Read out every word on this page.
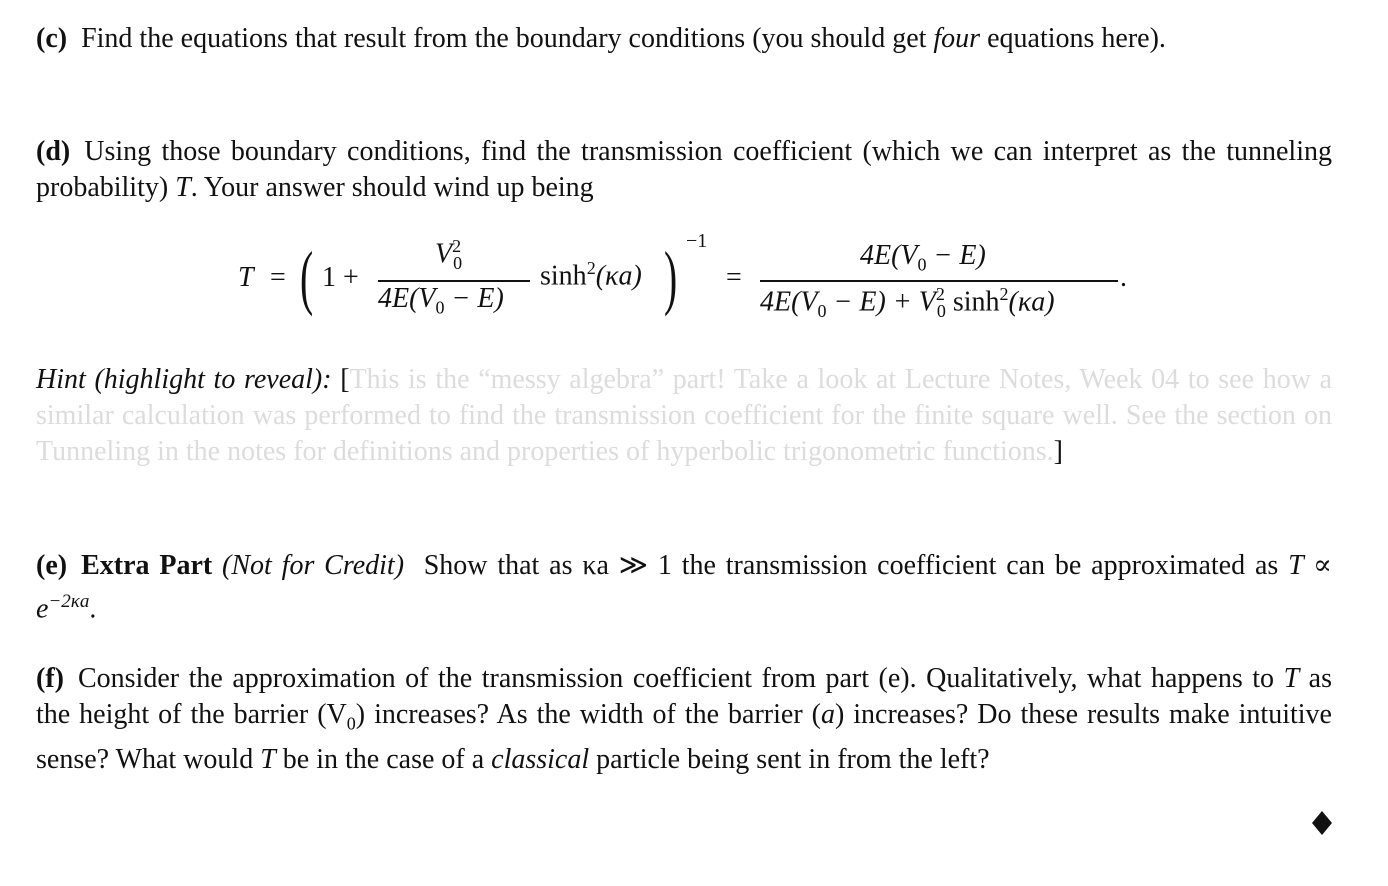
(c) Find the equations that result from the boundary conditions (you should get four equations here).

(d) Using those boundary conditions, find the transmission coefficient (which we can interpret as the tunneling probability) T. Your answer should wind up being

T = ( 1 +
$V^2_0$
$4E(V_0 - E)$
$\sinh^2(\kappa a)$ ) −1
=
$4E(V_0 - E)$
$4E(V_0 - E) + V^2_0$ $\sinh^2(\kappa a)$
.

Hint (highlight to reveal): [This is the “messy algebra” part! Take a look at Lecture Notes, Week 04 to see how a similar calculation was performed to find the transmission coefficient for the finite square well. See the section on Tunneling in the notes for definitions and properties of hyperbolic trigonometric functions.]

(e) Extra Part (Not for Credit) Show that as κa ≫ 1 the transmission coefficient can be approximated as $T \propto e^{-2\kappa a}$.

(f) Consider the approximation of the transmission coefficient from part (e). Qualitatively, what happens to T as the height of the barrier $(V_0)$ increases? As the width of the barrier (a) increases? Do these results make intuitive sense? What would T be in the case of a classical particle being sent in from the left?
